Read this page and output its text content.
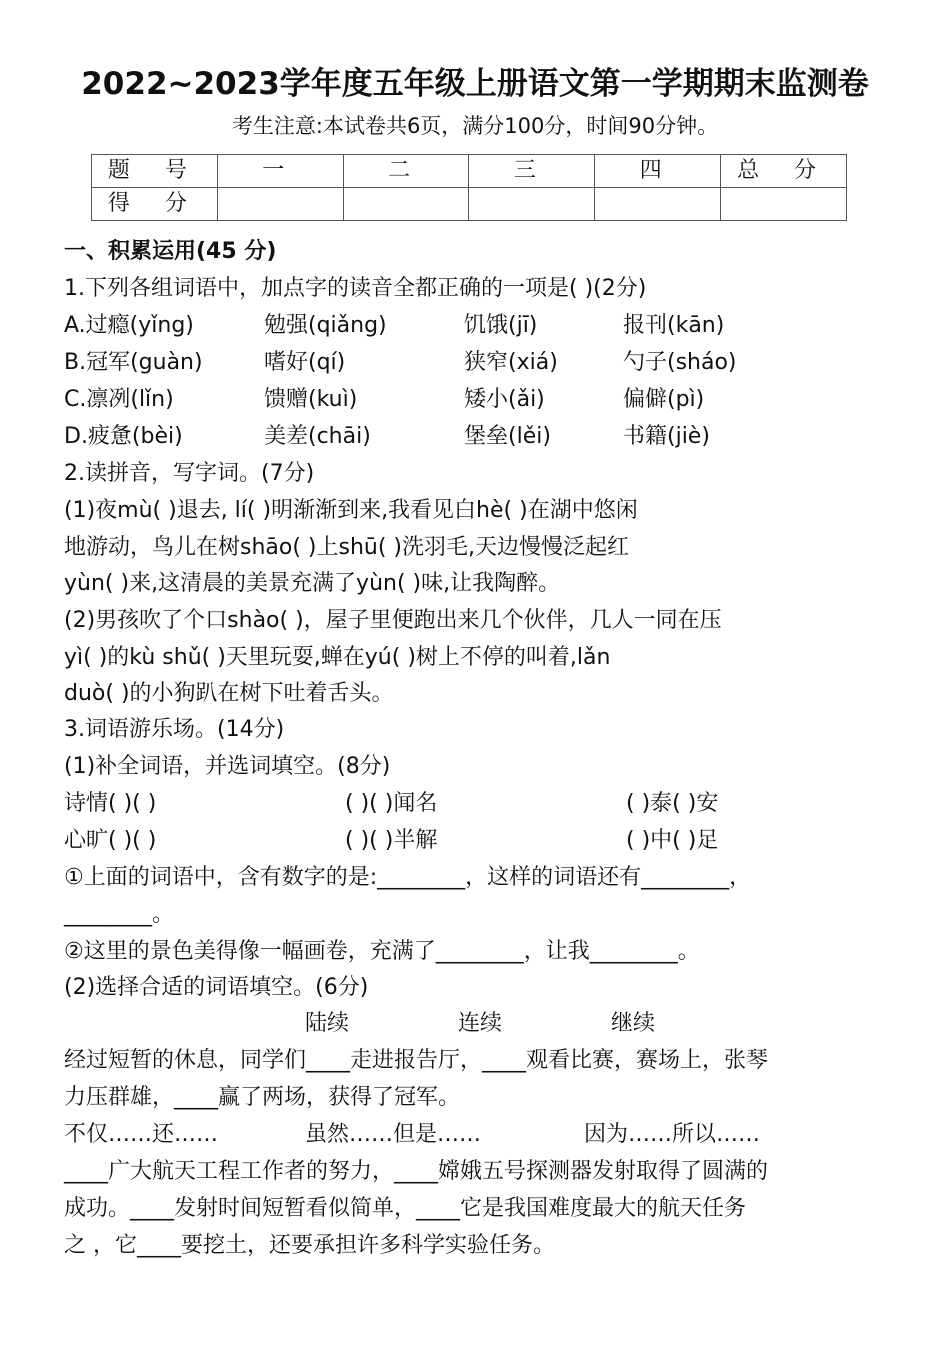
2022~2023学年度五年级上册语文第一学期期末监测卷
考生注意:本试卷共6页，满分100分，时间90分钟。
题 号	一	二	三	四	总 分
得 分					
一、积累运用(45 分)
1.下列各组词语中，加点字的读音全都正确的一项是( )(2分)
A.过瘾(yǐng)	勉强(qiǎng)	饥饿(jī)	报刊(kān)
B.冠军(guàn)	嗜好(qí)	狭窄(xiá)	勺子(sháo)
C.凛冽(lǐn)	馈赠(kuì)	矮小(ǎi)	偏僻(pì)
D.疲惫(bèi)	美差(chāi)	堡垒(lěi)	书籍(jiè)
2.读拼音，写字词。(7分)
(1)夜mù( )退去, lí( )明渐渐到来,我看见白hè( )在湖中悠闲
地游动，鸟儿在树shāo( )上shū( )洗羽毛,天边慢慢泛起红
yùn( )来,这清晨的美景充满了yùn( )味,让我陶醉。
(2)男孩吹了个口shào( )，屋子里便跑出来几个伙伴，几人一同在压
yì( )的kù shǔ( )天里玩耍,蝉在yú( )树上不停的叫着,lǎn
duò( )的小狗趴在树下吐着舌头。
3.词语游乐场。(14分)
(1)补全词语，并选词填空。(8分)
诗情( )( )	( )( )闻名	( )泰( )安
心旷( )( )	( )( )半解	( )中( )足
①上面的词语中，含有数字的是:________，这样的词语还有________，
________。
②这里的景色美得像一幅画卷，充满了________，让我________。
(2)选择合适的词语填空。(6分)
陆续	连续	继续
经过短暂的休息，同学们____走进报告厅，____观看比赛，赛场上，张琴
力压群雄，____赢了两场，获得了冠军。
不仅……还……	虽然……但是……	因为……所以……
____广大航天工程工作者的努力，____嫦娥五号探测器发射取得了圆满的
成功。____发射时间短暂看似简单，____它是我国难度最大的航天任务
之 ，它____要挖土，还要承担许多科学实验任务。
